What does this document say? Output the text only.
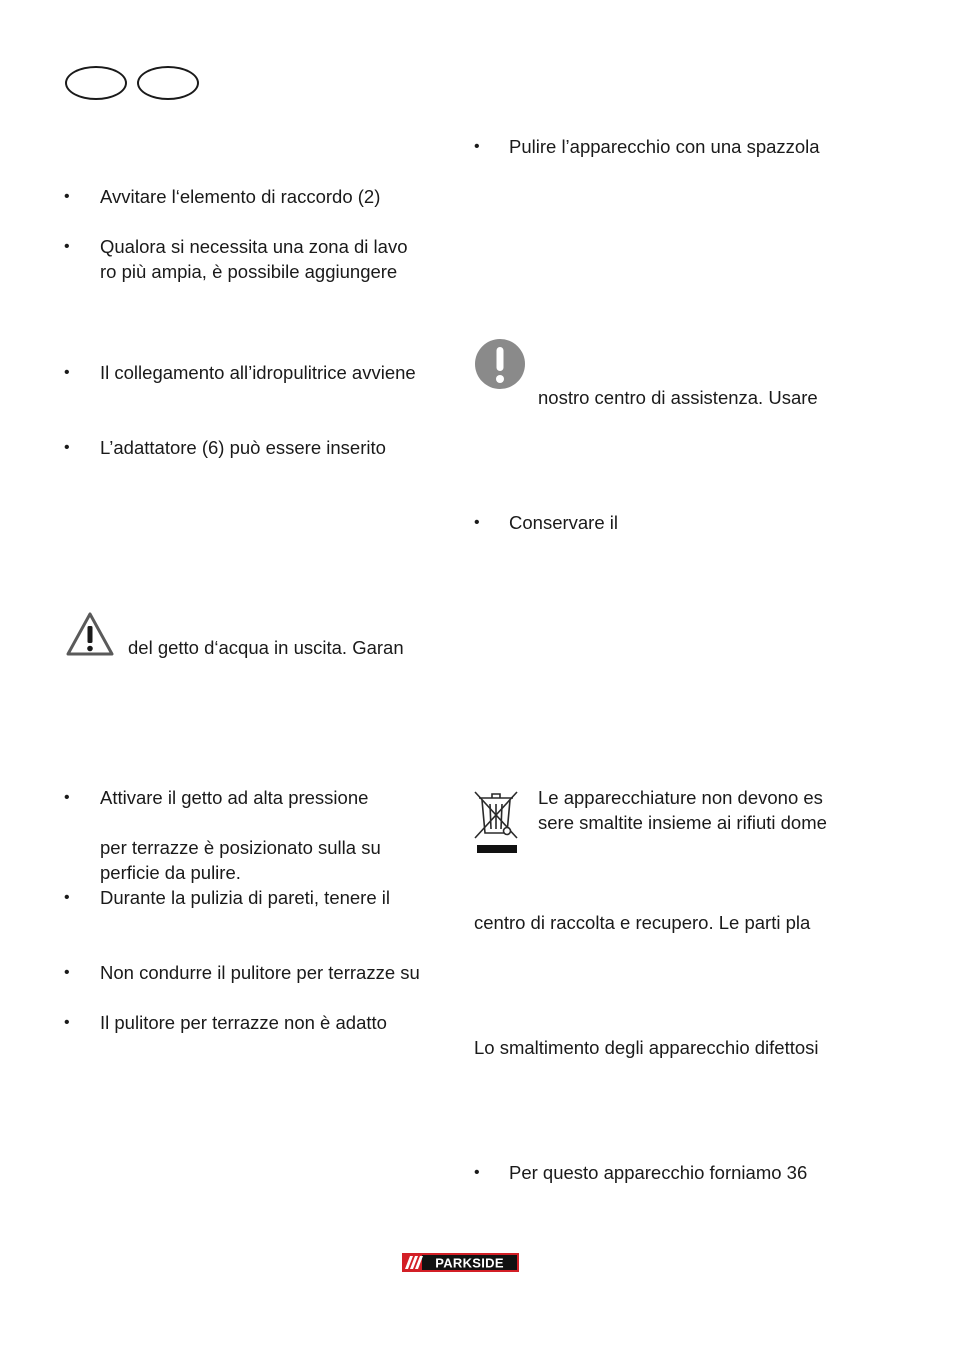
• Avvitare l‘elemento di raccordo (2)
• Qualora si necessita una zona di lavo
ro più ampia, è possibile aggiungere
• Il collegamento all’idropulitrice avviene
• L’adattatore (6) può essere inserito
del getto d‘acqua in uscita. Garan
• Attivare il getto ad alta pressione
per terrazze è posizionato sulla su
perficie da pulire.
• Durante la pulizia di pareti, tenere il
• Non condurre il pulitore per terrazze su
• Il pulitore per terrazze non è adatto
• Pulire l’apparecchio con una spazzola
nostro centro di assistenza. Usare
• Conservare il
Le apparecchiature non devono es
sere smaltite insieme ai rifiuti dome
centro di raccolta e recupero. Le parti pla
Lo smaltimento degli apparecchio difettosi
• Per questo apparecchio forniamo 36
PARKSIDE
